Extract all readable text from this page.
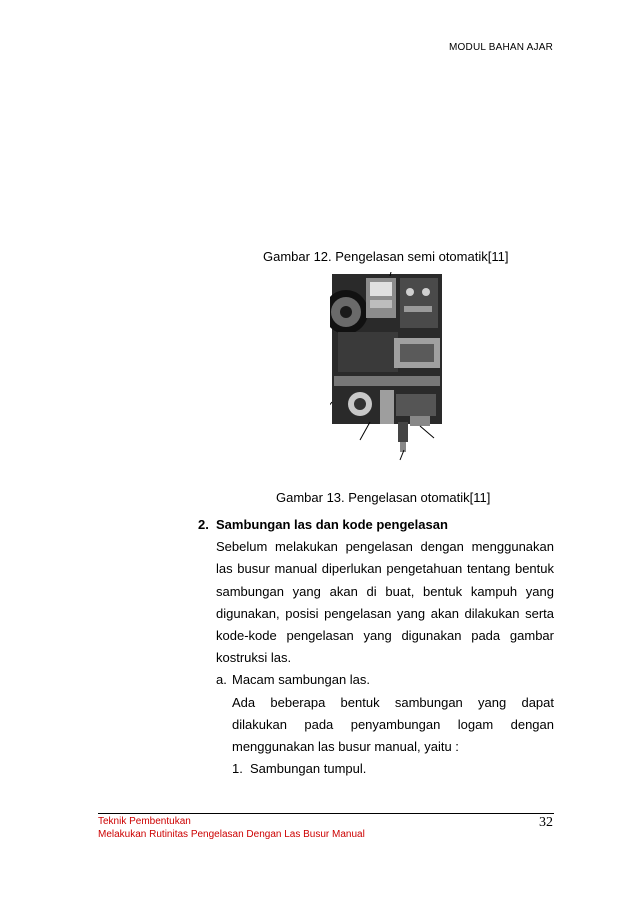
MODUL BAHAN AJAR
Gambar 12. Pengelasan semi otomatik[11]
Gambar 13. Pengelasan otomatik[11]
2. Sambungan las dan kode pengelasan
Sebelum melakukan pengelasan dengan menggunakan
las busur manual diperlukan pengetahuan tentang bentuk
sambungan yang akan di buat, bentuk kampuh yang
digunakan, posisi pengelasan yang akan dilakukan serta
kode-kode pengelasan yang digunakan pada gambar
kostruksi las.
a. Macam sambungan las.
Ada beberapa bentuk sambungan yang dapat
dilakukan pada penyambungan logam dengan
menggunakan las busur manual, yaitu :
1. Sambungan tumpul.
Teknik Pembentukan
Melakukan Rutinitas Pengelasan Dengan Las Busur Manual
32
